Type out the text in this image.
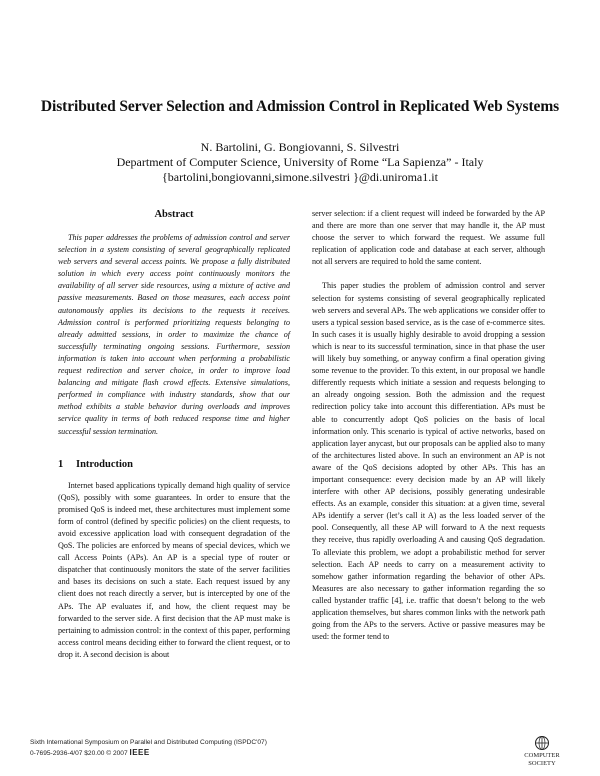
Distributed Server Selection and Admission Control in Replicated Web Systems
N. Bartolini, G. Bongiovanni, S. Silvestri
Department of Computer Science, University of Rome “La Sapienza” - Italy
{bartolini,bongiovanni,simone.silvestri }@di.uniroma1.it
Abstract

This paper addresses the problems of admission control and server selection in a system consisting of several geographically replicated web servers and several access points. We propose a fully distributed solution in which every access point continuously monitors the availability of all server side resources, using a mixture of active and passive measurements. Based on those measures, each access point autonomously applies its decisions to the requests it receives. Admission control is performed prioritizing requests belonging to already admitted sessions, in order to maximize the chance of successfully terminating ongoing sessions. Furthermore, session information is taken into account when performing a probabilistic request redirection and server choice, in order to improve load balancing and mitigate flash crowd effects. Extensive simulations, performed in compliance with industry standards, show that our method exhibits a stable behavior during overloads and improves service quality in terms of both reduced response time and higher successful session termination.

1 Introduction

Internet based applications typically demand high quality of service (QoS), possibly with some guarantees. In order to ensure that the promised QoS is indeed met, these architectures must implement some form of control (defined by specific policies) on the client requests, to avoid excessive application load with consequent degradation of the QoS. The policies are enforced by means of special devices, which we call Access Points (APs). An AP is a special type of router or dispatcher that continuously monitors the state of the server facilities and bases its decisions on such a state. Each request issued by any client does not reach directly a server, but is intercepted by one of the APs. The AP evaluates if, and how, the client request may be forwarded to the server side. A first decision that the AP must make is pertaining to admission control: in the context of this paper, performing access control means deciding either to forward the client request, or to drop it. A second decision is about

server selection: if a client request will indeed be forwarded by the AP and there are more than one server that may handle it, the AP must choose the server to which forward the request. We assume full replication of application code and database at each server, although not all servers are required to hold the same content.

This paper studies the problem of admission control and server selection for systems consisting of several geographically replicated web servers and several APs. The web applications we consider offer to users a typical session based service, as is the case of e-commerce sites. In such cases it is usually highly desirable to avoid dropping a session which is near to its successful termination, since in that phase the user will likely buy something, or anyway confirm a final operation giving some revenue to the provider. To this extent, in our proposal we handle differently requests which initiate a session and requests belonging to an already ongoing session. Both the admission and the request redirection policy take into account this differentiation. APs must be able to concurrently adopt QoS policies on the basis of local information only. This scenario is typical of active networks, based on application layer anycast, but our proposals can be applied also to many of the architectures listed above. In such an environment an AP is not aware of the QoS decisions adopted by other APs. This has an important consequence: every decision made by an AP will likely interfere with other AP decisions, possibly generating undesirable effects. As an example, consider this situation: at a given time, several APs identify a server (let’s call it A) as the less loaded server of the pool. Consequently, all these AP will forward to A the next requests they receive, thus rapidly overloading A and causing QoS degradation. To alleviate this problem, we adopt a probabilistic method for server selection. Each AP needs to carry on a measurement activity to somehow gather information regarding the behavior of other APs. Measures are also necessary to gather information regarding the so called bystander traffic [4], i.e. traffic that doesn’t belong to the web application themselves, but shares common links with the network path going from the APs to the servers. Active or passive measures may be used: the former tend to

Sixth International Symposium on Parallel and Distributed Computing (ISPDC'07)
0-7695-2936-4/07 $20.00 © 2007 IEEE	COMPUTER
SOCIETY
